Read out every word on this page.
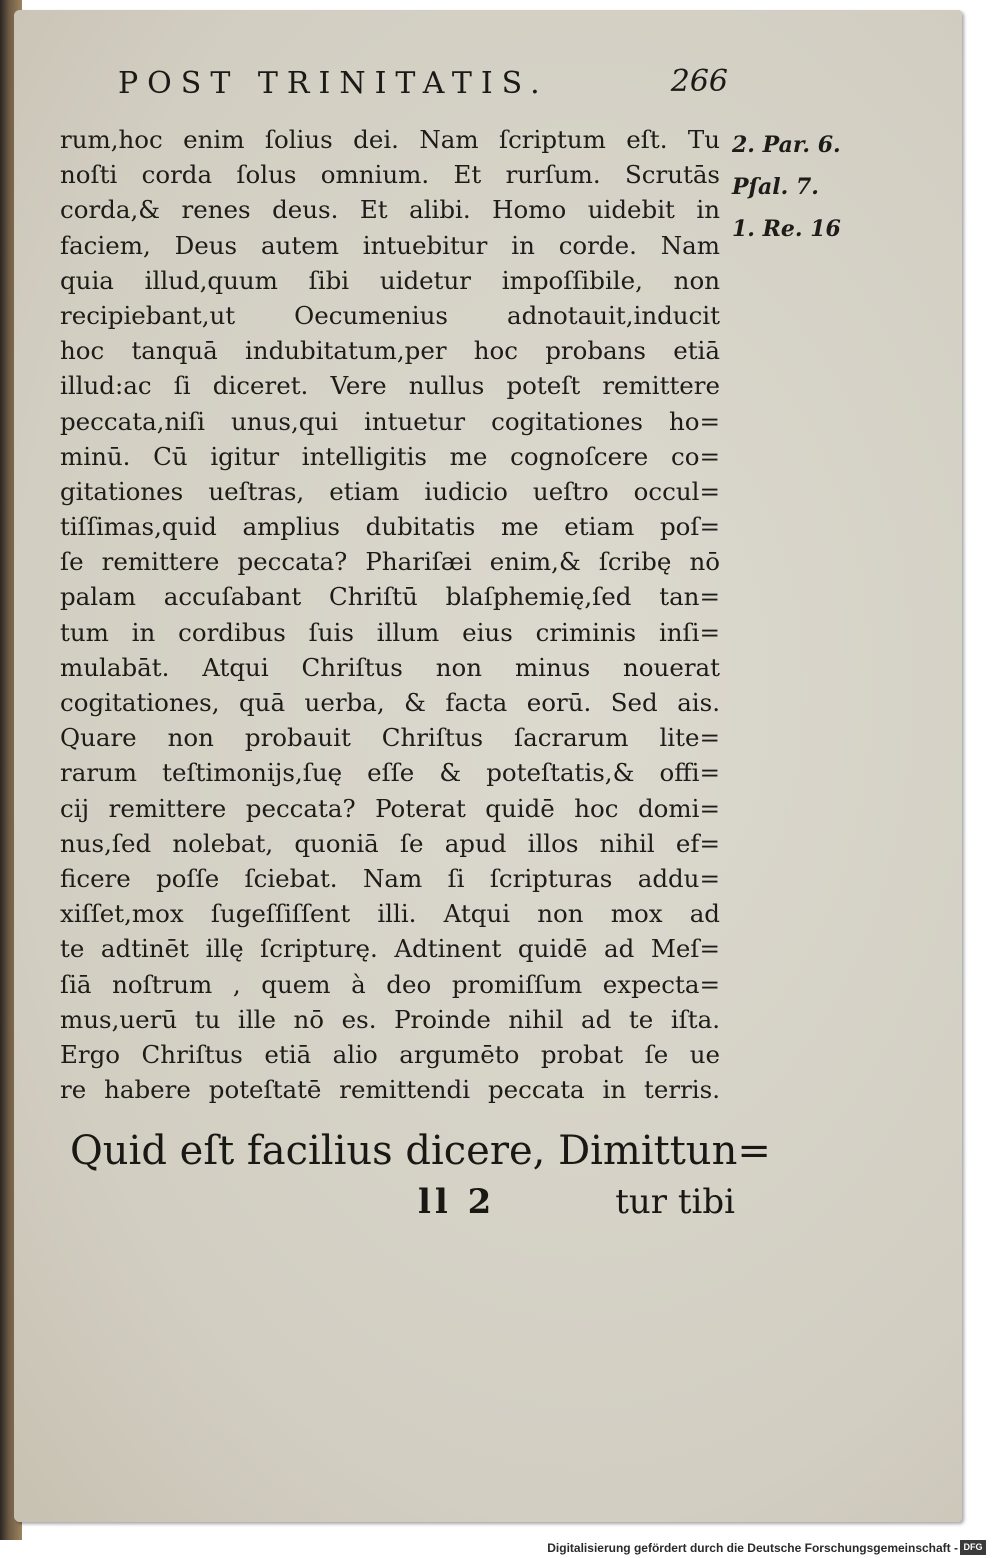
POST TRINITATIS.	266
rum,hoc enim ſolius dei. Nam ſcriptum eſt. Tu
noſti corda ſolus omnium. Et rurſum. Scrutās
corda,& renes deus. Et alibi. Homo uidebit in
faciem, Deus autem intuebitur in corde. Nam
quia illud,quum ſibi uidetur impoſſibile, non
recipiebant,ut Oecumenius adnotauit,inducit
hoc tanquā indubitatum,per hoc probans etiā
illud:ac ſi diceret. Vere nullus poteſt remittere
peccata,niſi unus,qui intuetur cogitationes ho=
minū. Cū igitur intelligitis me cognoſcere co=
gitationes ueſtras, etiam iudicio ueſtro occul=
tiſſimas,quid amplius dubitatis me etiam poſ=
ſe remittere peccata? Phariſæi enim,& ſcribę nō
palam accuſabant Chriſtū blaſphemię,ſed tan=
tum in cordibus ſuis illum eius criminis inſi=
mulabāt. Atqui Chriſtus non minus nouerat
cogitationes, quā uerba, & facta eorū. Sed ais.
Quare non probauit Chriſtus ſacrarum lite=
rarum teſtimonijs,ſuę eſſe & poteſtatis,& offi=
cij remittere peccata? Poterat quidē hoc domi=
nus,ſed nolebat, quoniā ſe apud illos nihil ef=
ficere poſſe ſciebat. Nam ſi ſcripturas addu=
xiſſet,mox ſugeſſiſſent illi. Atqui non mox ad
te adtinēt illę ſcripturę. Adtinent quidē ad Meſ=
ſiā noſtrum , quem à deo promiſſum expecta=
mus,uerū tu ille nō es. Proinde nihil ad te iſta.
Ergo Chriſtus etiā alio argumēto probat ſe ue
re habere poteſtatē remittendi peccata in terris.
2. Par. 6.
Pſal. 7.
1. Re. 16
Quid eſt facilius dicere, Dimittun=
ll 2	tur tibi
Digitalisierung gefördert durch die Deutsche Forschungsgemeinschaft - DFG
